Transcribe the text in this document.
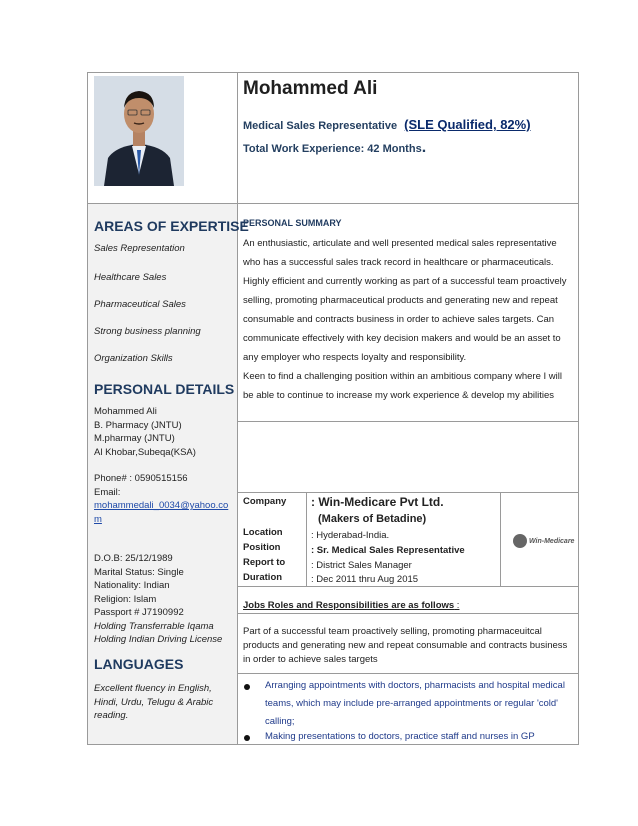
Mohammed Ali
Medical Sales Representative (SLE Qualified, 82%)
Total Work Experience: 42 Months.
AREAS OF EXPERTISE
Sales Representation
Healthcare Sales
Pharmaceutical Sales
Strong business planning
Organization Skills
PERSONAL DETAILS
Mohammed Ali
B. Pharmacy (JNTU)
M.pharmay (JNTU)
Al Khobar,Subeqa(KSA)
Phone# : 0590515156
Email:
mohammedali_0034@yahoo.co
m
D.O.B: 25/12/1989
Marital Status: Single
Nationality: Indian
Religion: Islam
Passport # J7190992
Holding Transferrable Iqama
Holding Indian Driving License
LANGUAGES
Excellent fluency in English,
Hindi, Urdu, Telugu & Arabic
reading.
PERSONAL SUMMARY
An enthusiastic, articulate and well presented medical sales representative
who has a successful sales track record in healthcare or pharmaceuticals.
Highly efficient and currently working as part of a successful team proactively
selling, promoting pharmaceutical products and generating new and repeat
consumable and contracts business in order to achieve sales targets. Can
communicate effectively with key decision makers and would be an asset to
any employer who respects loyalty and responsibility.
Keen to find a challenging position within an ambitious company where I will
be able to continue to increase my work experience & develop my abilities
Company
Location
Position
Report to
Duration
: Win-Medicare Pvt Ltd.
(Makers of Betadine)
: Hyderabad-India.
: Sr. Medical Sales Representative
: District Sales Manager
: Dec 2011 thru Aug 2015
Win-Medicare
Jobs Roles and Responsibilities are as follows :
Part of a successful team proactively selling, promoting pharmaceuitcal
products and generating new and repeat consumable and contracts business
in order to achieve sales targets
Arranging appointments with doctors, pharmacists and hospital medical
teams, which may include pre-arranged appointments or regular 'cold'
calling;
Making presentations to doctors, practice staff and nurses in GP
